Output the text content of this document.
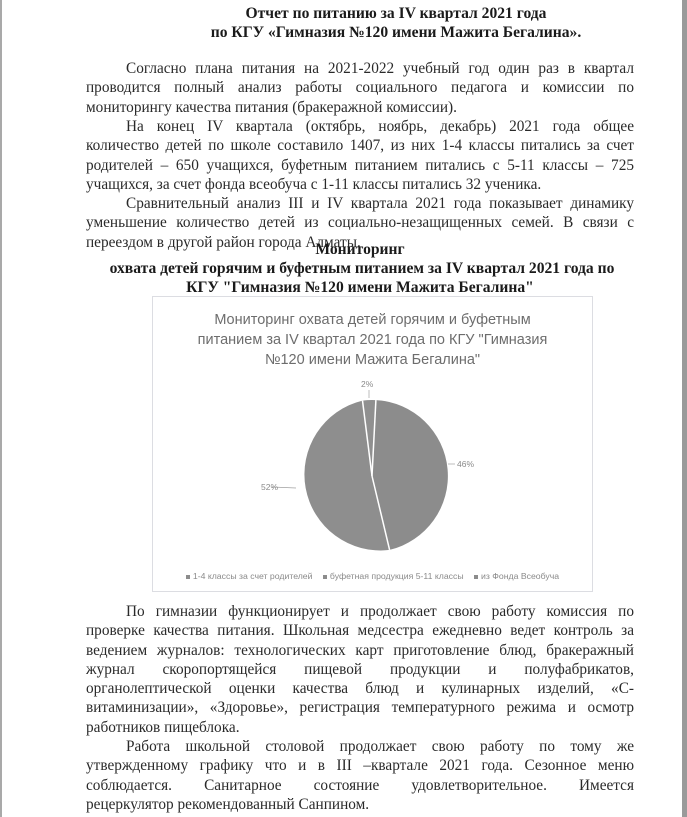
Отчет по питанию за IV квартал 2021 года
по КГУ «Гимназия №120 имени Мажита Бегалина».
Согласно плана питания на 2021-2022 учебный год один раз в квартал
проводится полный анализ работы социального педагога и комиссии по
мониторингу качества питания (бракеражной комиссии).
На конец IV квартала (октябрь, ноябрь, декабрь) 2021 года общее
количество детей по школе составило 1407, из них 1-4 классы питались за счет
родителей – 650 учащихся, буфетным питанием питались с 5-11 классы – 725
учащихся, за счет фонда всеобуча с 1-11 классы питались 32 ученика.
Сравнительный анализ III и IV квартала 2021 года показывает динамику
уменьшение количество детей из социально-незащищенных семей. В связи с
переездом в другой район города Алматы.
Мониторинг
охвата детей горячим и буфетным питанием за IV квартал 2021 года по
КГУ "Гимназия №120 имени Мажита Бегалина"
По гимназии функционирует и продолжает свою работу комиссия по
проверке качества питания. Школьная медсестра ежедневно ведет контроль за
ведением журналов: технологических карт приготовление блюд, бракеражный
журнал скоропортящейся пищевой продукции и полуфабрикатов,
органолептической оценки качества блюд и кулинарных изделий, «С-
витаминизации», «Здоровье», регистрация температурного режима и осмотр
работников пищеблока.
Работа школьной столовой продолжает свою работу по тому же
утвержденному графику что и в III –квартале 2021 года. Сезонное меню
соблюдается. Санитарное состояние удовлетворительное. Имеется
рецеркулятор рекомендованный Санпином.
Мониторинг охвата детей горячим и буфетным
питанием за IV квартал 2021 года по КГУ "Гимназия
№120 имени Мажита Бегалина"
46%
52%
2%
1-4 классы за счет родителей буфетная продукция 5-11 классы из Фонда Всеобуча
